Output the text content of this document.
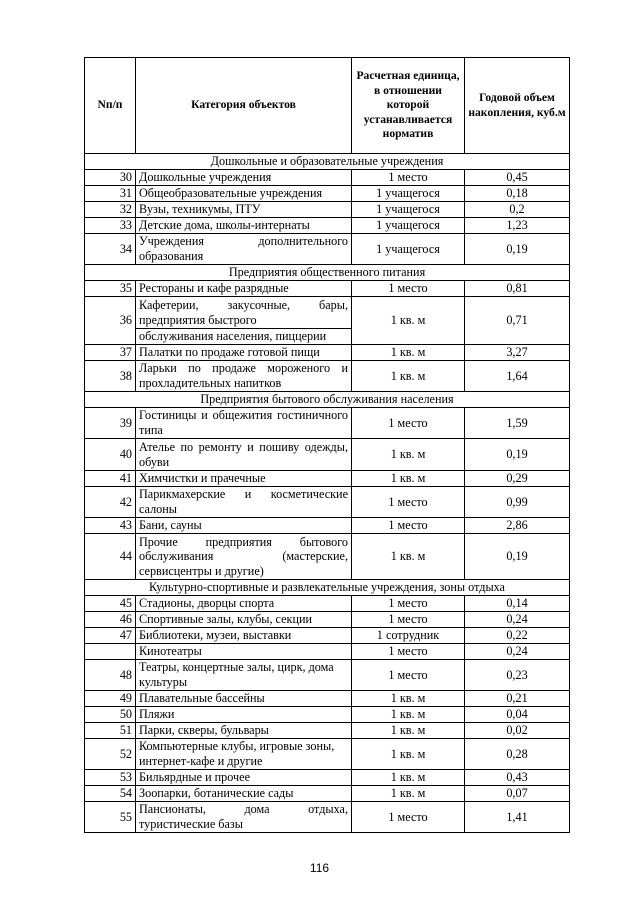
Nп/п	Категория объектов	Расчетная единица, в отношении которой устанавливается норматив	Годовой объем накопления, куб.м
Дошкольные и образовательные учреждения			
30	Дошкольные учреждения	1 место	0,45
31	Общеобразовательные учреждения	1 учащегося	0,18
32	Вузы, техникумы, ПТУ	1 учащегося	0,2
33	Детские дома, школы-интернаты	1 учащегося	1,23
34	Учреждения дополнительного образования	1 учащегося	0,19
Предприятия общественного питания			
35	Рестораны и кафе разрядные	1 место	0,81
36	Кафетерии, закусочные, бары, предприятия быстрого	1 кв. м	0,71
	обслуживания населения, пиццерии		
37	Палатки по продаже готовой пищи	1 кв. м	3,27
38	Ларьки по продаже мороженого и прохладительных напитков	1 кв. м	1,64
Предприятия бытового обслуживания населения			
39	Гостиницы и общежития гостиничного типа	1 место	1,59
40	Ателье по ремонту и пошиву одежды, обуви	1 кв. м	0,19
41	Химчистки и прачечные	1 кв. м	0,29
42	Парикмахерские и косметические салоны	1 место	0,99
43	Бани, сауны	1 место	2,86
44	Прочие предприятия бытового обслуживания (мастерские, сервисцентры и другие)	1 кв. м	0,19
Культурно-спортивные и развлекательные учреждения, зоны отдыха			
45	Стадионы, дворцы спорта	1 место	0,14
46	Спортивные залы, клубы, секции	1 место	0,24
47	Библиотеки, музеи, выставки	1 сотрудник	0,22
	Кинотеатры	1 место	0,24
48	Театры, концертные залы, цирк, дома культуры	1 место	0,23
49	Плавательные бассейны	1 кв. м	0,21
50	Пляжи	1 кв. м	0,04
51	Парки, скверы, бульвары	1 кв. м	0,02
52	Компьютерные клубы, игровые зоны, интернет-кафе и другие	1 кв. м	0,28
53	Бильярдные и прочее	1 кв. м	0,43
54	Зоопарки, ботанические сады	1 кв. м	0,07
55	Пансионаты, дома отдыха, туристические базы	1 место	1,41
116
